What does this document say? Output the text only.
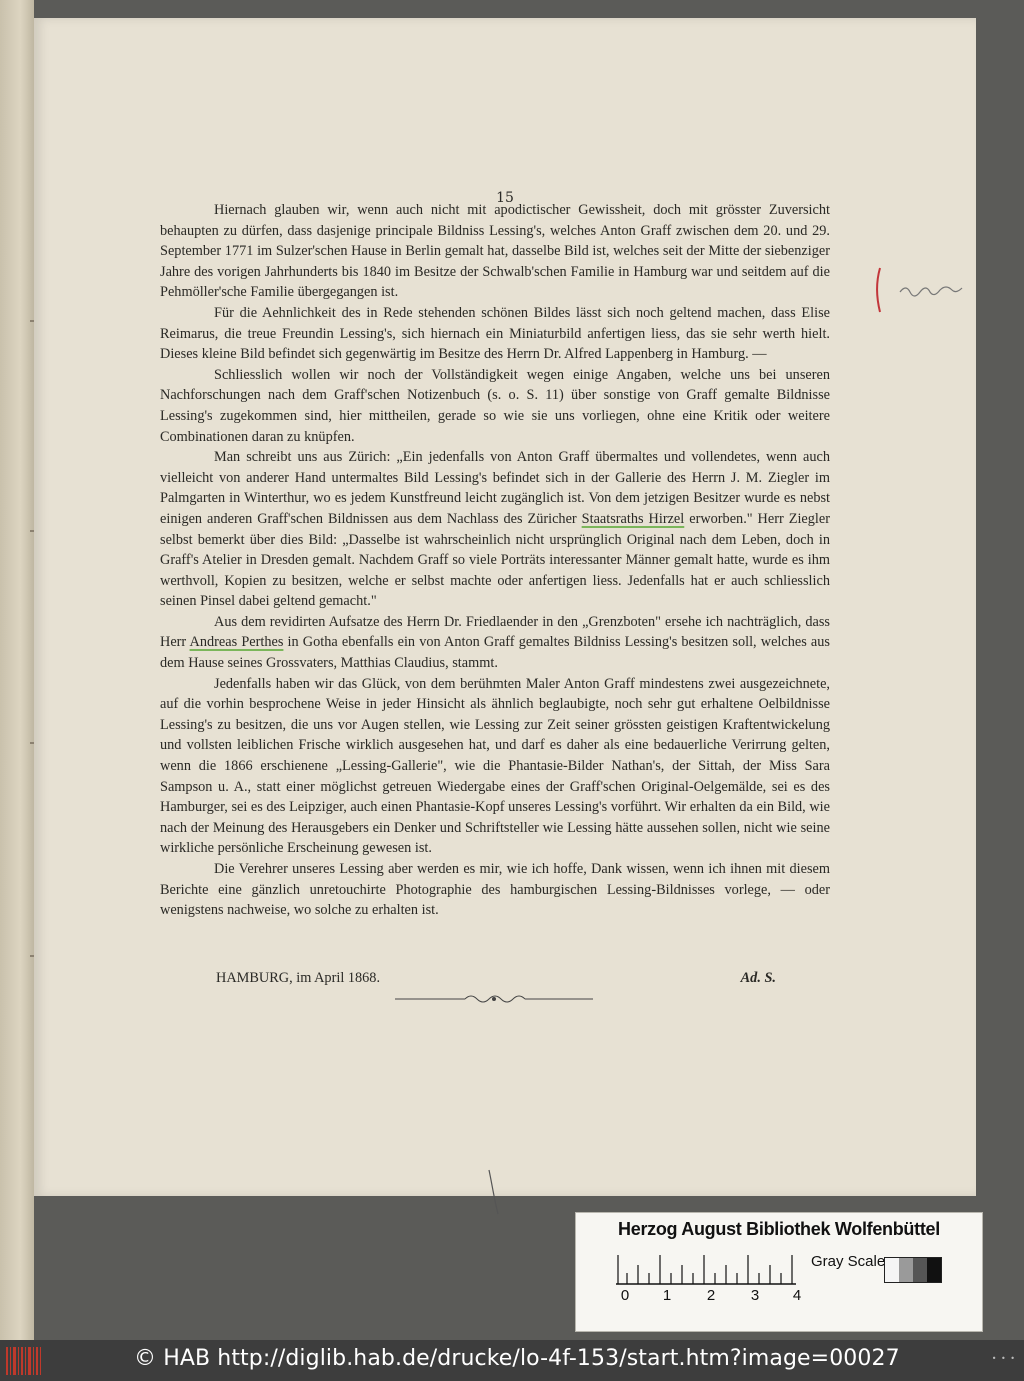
15

Hiernach glauben wir, wenn auch nicht mit apodictischer Gewissheit, doch mit grösster Zuversicht behaupten zu dürfen, dass dasjenige principale Bildniss Lessing's, welches Anton Graff zwischen dem 20. und 29. September 1771 im Sulzer'schen Hause in Berlin gemalt hat, dasselbe Bild ist, welches seit der Mitte der siebenziger Jahre des vorigen Jahrhunderts bis 1840 im Besitze der Schwalb'schen Familie in Hamburg war und seitdem auf die Pehmöller'sche Familie übergegangen ist.

Für die Aehnlichkeit des in Rede stehenden schönen Bildes lässt sich noch geltend machen, dass Elise Reimarus, die treue Freundin Lessing's, sich hiernach ein Miniaturbild anfertigen liess, das sie sehr werth hielt. Dieses kleine Bild befindet sich gegenwärtig im Besitze des Herrn Dr. Alfred Lappenberg in Hamburg. —

Schliesslich wollen wir noch der Vollständigkeit wegen einige Angaben, welche uns bei unseren Nachforschungen nach dem Graff'schen Notizenbuch (s. o. S. 11) über sonstige von Graff gemalte Bildnisse Lessing's zugekommen sind, hier mittheilen, gerade so wie sie uns vorliegen, ohne eine Kritik oder weitere Combinationen daran zu knüpfen.

Man schreibt uns aus Zürich: „Ein jedenfalls von Anton Graff übermaltes und vollendetes, wenn auch vielleicht von anderer Hand untermaltes Bild Lessing's befindet sich in der Gallerie des Herrn J. M. Ziegler im Palmgarten in Winterthur, wo es jedem Kunstfreund leicht zugänglich ist. Von dem jetzigen Besitzer wurde es nebst einigen anderen Graff'schen Bildnissen aus dem Nachlass des Züricher Staatsraths Hirzel erworben." Herr Ziegler selbst bemerkt über dies Bild: „Dasselbe ist wahrscheinlich nicht ursprünglich Original nach dem Leben, doch in Graff's Atelier in Dresden gemalt. Nachdem Graff so viele Porträts interessanter Männer gemalt hatte, wurde es ihm werthvoll, Kopien zu besitzen, welche er selbst machte oder anfertigen liess. Jedenfalls hat er auch schliesslich seinen Pinsel dabei geltend gemacht."

Aus dem revidirten Aufsatze des Herrn Dr. Friedlaender in den „Grenzboten" ersehe ich nachträglich, dass Herr Andreas Perthes in Gotha ebenfalls ein von Anton Graff gemaltes Bildniss Lessing's besitzen soll, welches aus dem Hause seines Grossvaters, Matthias Claudius, stammt.

Jedenfalls haben wir das Glück, von dem berühmten Maler Anton Graff mindestens zwei ausgezeichnete, auf die vorhin besprochene Weise in jeder Hinsicht als ähnlich beglaubigte, noch sehr gut erhaltene Oelbildnisse Lessing's zu besitzen, die uns vor Augen stellen, wie Lessing zur Zeit seiner grössten geistigen Kraftentwickelung und vollsten leiblichen Frische wirklich ausgesehen hat, und darf es daher als eine bedauerliche Verirrung gelten, wenn die 1866 erschienene „Lessing-Gallerie", wie die Phantasie-Bilder Nathan's, der Sittah, der Miss Sara Sampson u. A., statt einer möglichst getreuen Wiedergabe eines der Graff'schen Original-Oelgemälde, sei es des Hamburger, sei es des Leipziger, auch einen Phantasie-Kopf unseres Lessing's vorführt. Wir erhalten da ein Bild, wie nach der Meinung des Herausgebers ein Denker und Schriftsteller wie Lessing hätte aussehen sollen, nicht wie seine wirkliche persönliche Erscheinung gewesen ist.

Die Verehrer unseres Lessing aber werden es mir, wie ich hoffe, Dank wissen, wenn ich ihnen mit diesem Berichte eine gänzlich unretouchirte Photographie des hamburgischen Lessing-Bildnisses vorlege, — oder wenigstens nachweise, wo solche zu erhalten ist.

HAMBURG, im April 1868.	Ad. S.
Herzog August Bibliothek Wolfenbüttel
0 1 2 3 4
Gray Scale
© HAB http://diglib.hab.de/drucke/lo-4f-153/start.htm?image=00027	• • •
